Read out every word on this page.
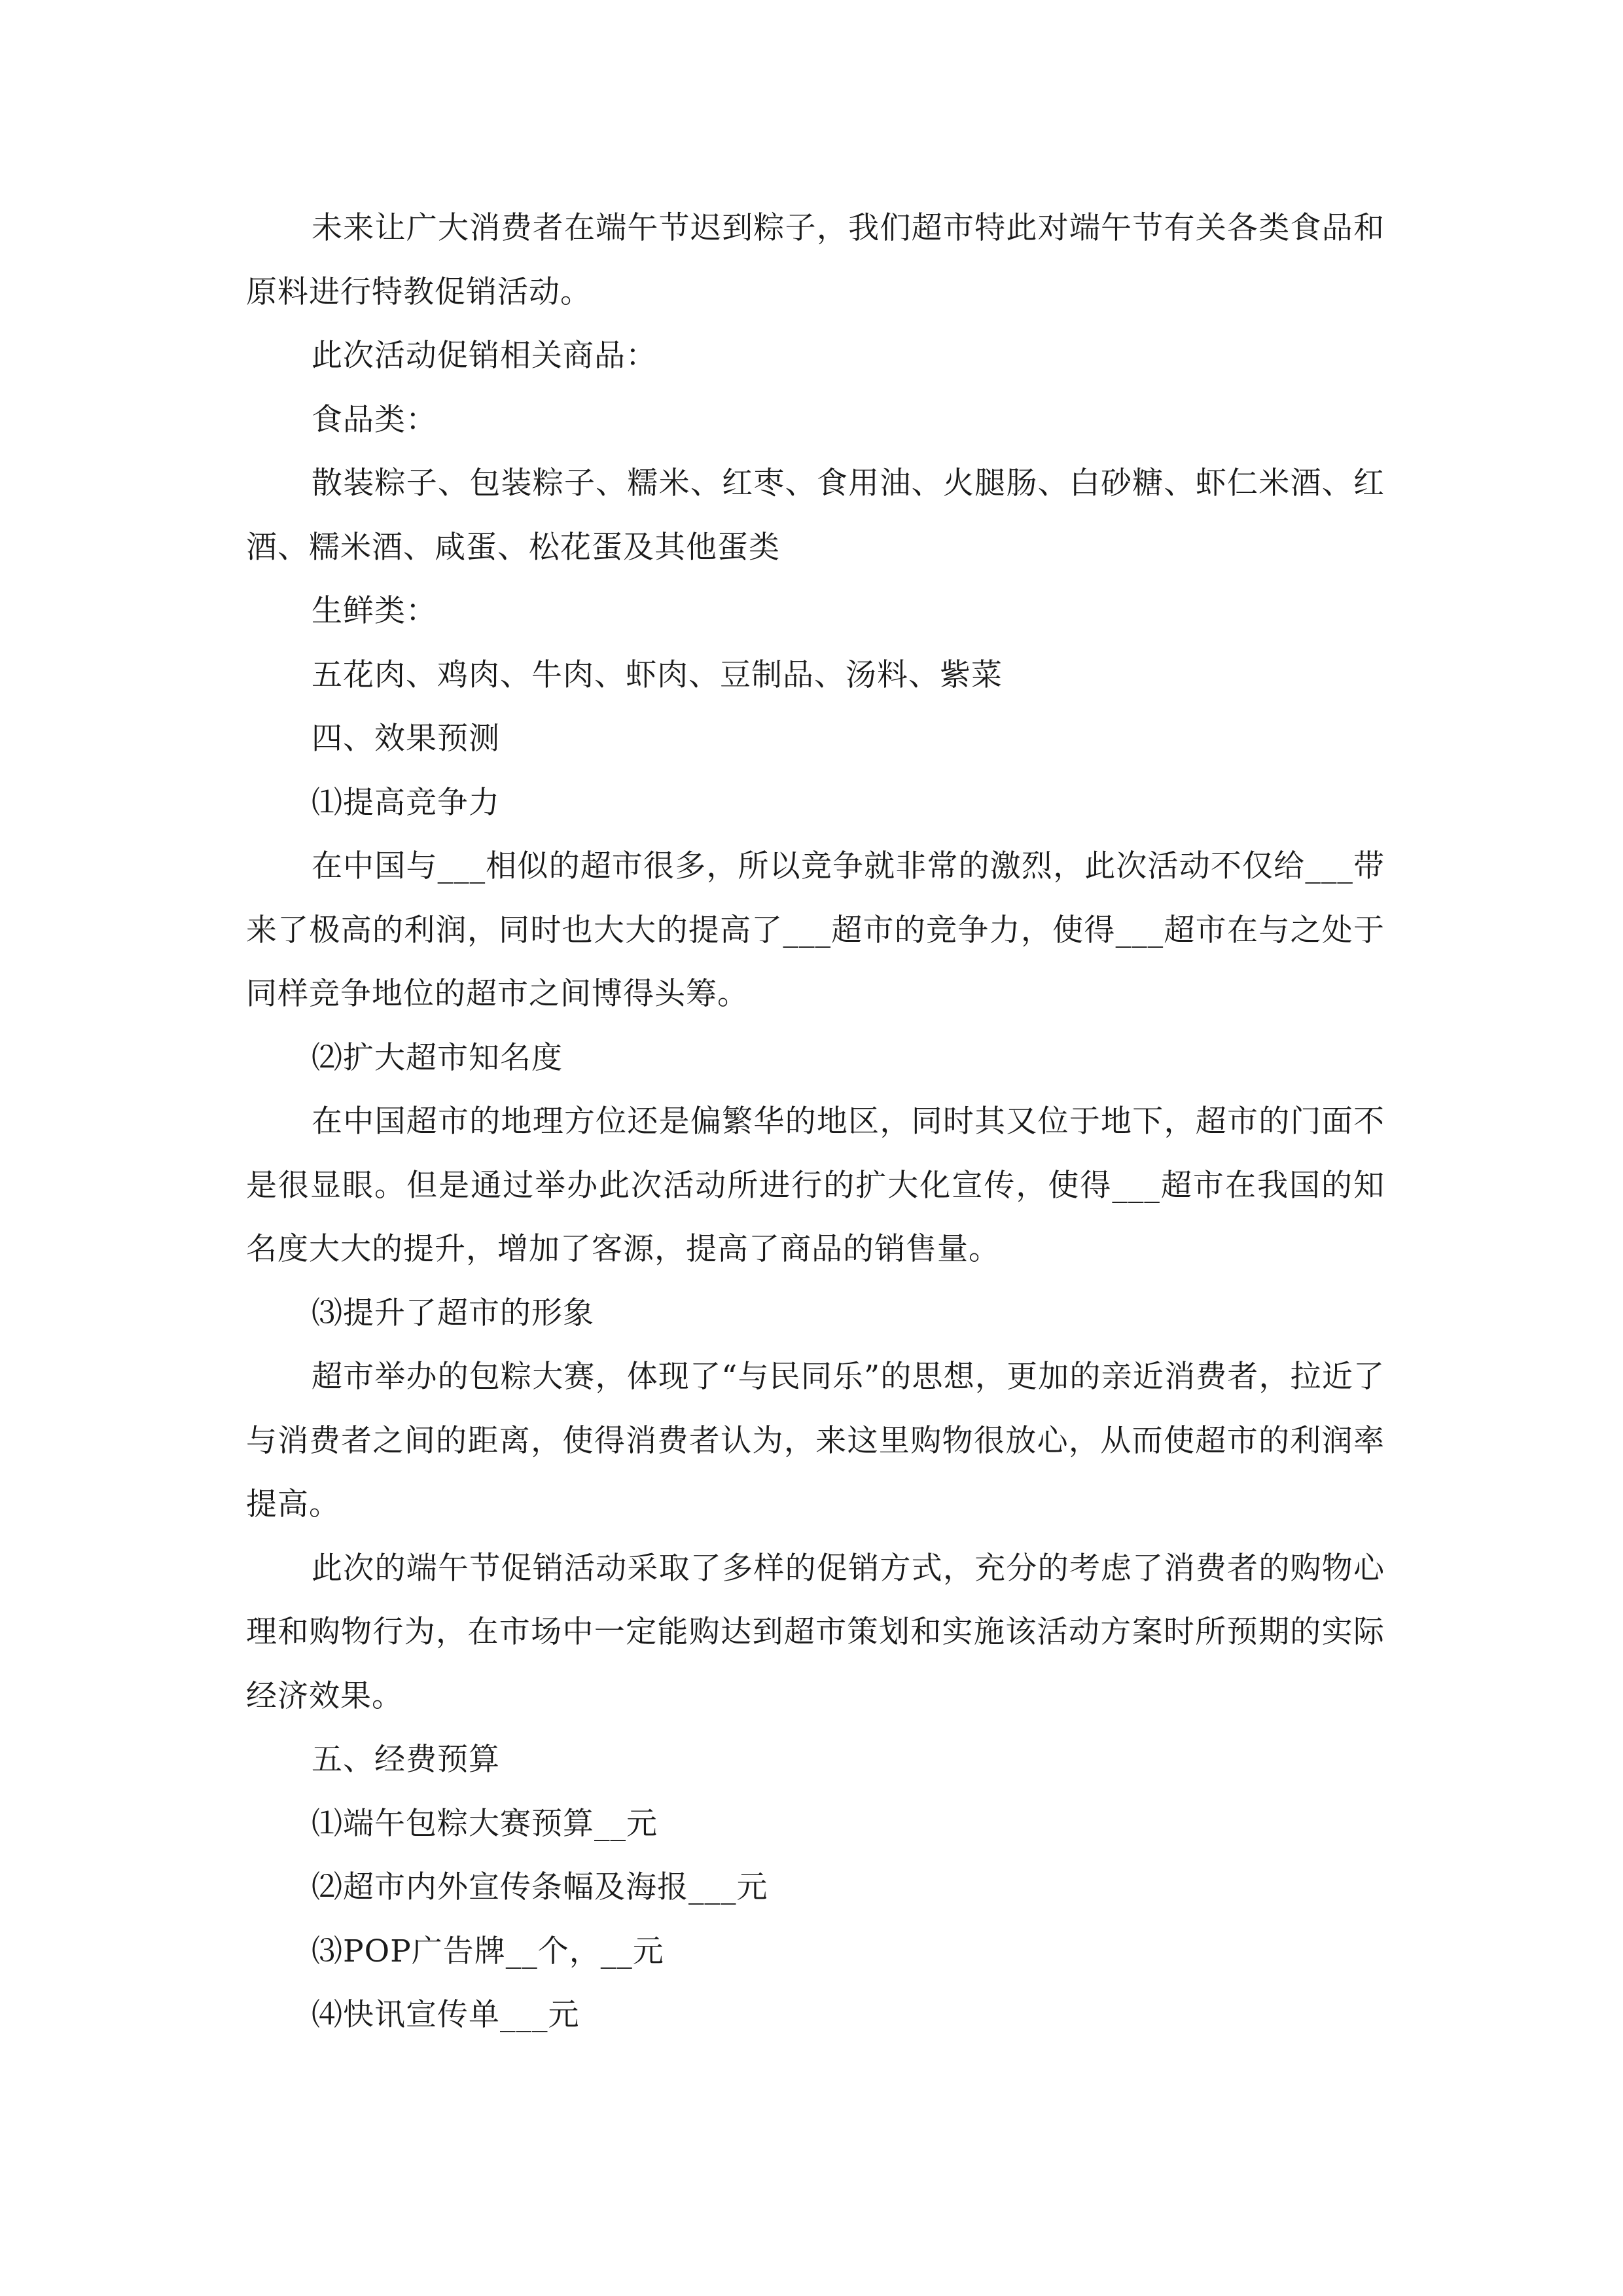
未来让广大消费者在端午节迟到粽子，我们超市特此对端午节有关各类食品和原料进行特教促销活动。

此次活动促销相关商品：

食品类：

散装粽子、包装粽子、糯米、红枣、食用油、火腿肠、白砂糖、虾仁米酒、红酒、糯米酒、咸蛋、松花蛋及其他蛋类

生鲜类：

五花肉、鸡肉、牛肉、虾肉、豆制品、汤料、紫菜

四、效果预测

⑴提高竞争力

在中国与___相似的超市很多，所以竞争就非常的激烈，此次活动不仅给___带来了极高的利润，同时也大大的提高了___超市的竞争力，使得___超市在与之处于同样竞争地位的超市之间博得头筹。

⑵扩大超市知名度

在中国超市的地理方位还是偏繁华的地区，同时其又位于地下，超市的门面不是很显眼。但是通过举办此次活动所进行的扩大化宣传，使得___超市在我国的知名度大大的提升，增加了客源，提高了商品的销售量。

⑶提升了超市的形象

超市举办的包粽大赛，体现了“与民同乐”的思想，更加的亲近消费者，拉近了与消费者之间的距离，使得消费者认为，来这里购物很放心，从而使超市的利润率提高。

此次的端午节促销活动采取了多样的促销方式，充分的考虑了消费者的购物心理和购物行为，在市场中一定能购达到超市策划和实施该活动方案时所预期的实际经济效果。

五、经费预算

⑴端午包粽大赛预算__元

⑵超市内外宣传条幅及海报___元

⑶POP广告牌__个，__元

⑷快讯宣传单___元
